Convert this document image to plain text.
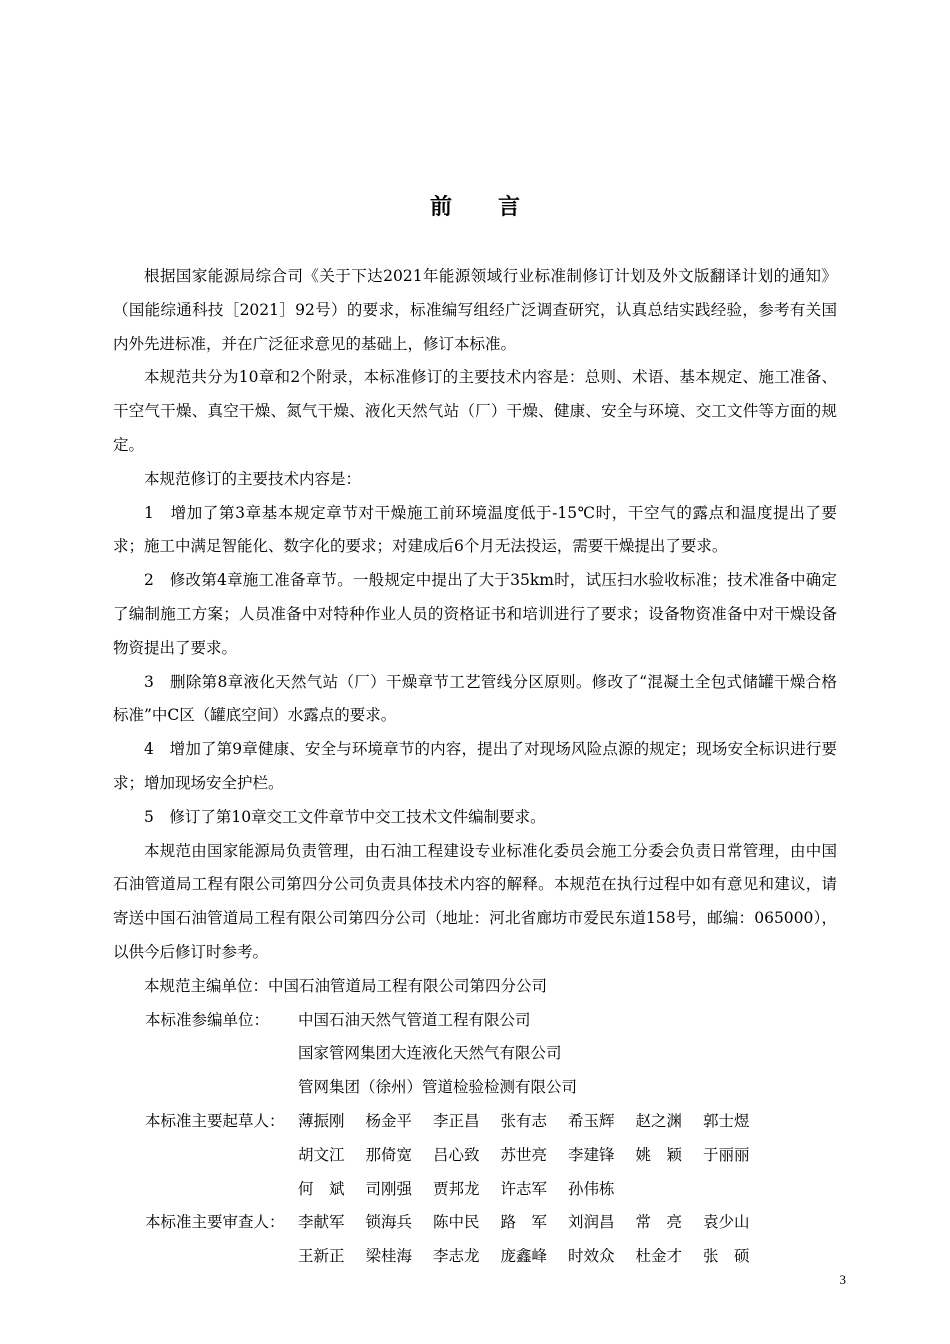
前 言

根据国家能源局综合司《关于下达2021年能源领域行业标准制修订计划及外文版翻译计划的通知》（国能综通科技［2021］92号）的要求，标准编写组经广泛调查研究，认真总结实践经验，参考有关国内外先进标准，并在广泛征求意见的基础上，修订本标准。

本规范共分为10章和2个附录，本标准修订的主要技术内容是：总则、术语、基本规定、施工准备、干空气干燥、真空干燥、氮气干燥、液化天然气站（厂）干燥、健康、安全与环境、交工文件等方面的规定。

本规范修订的主要技术内容是：

1　增加了第3章基本规定章节对干燥施工前环境温度低于-15℃时，干空气的露点和温度提出了要求；施工中满足智能化、数字化的要求；对建成后6个月无法投运，需要干燥提出了要求。

2　修改第4章施工准备章节。一般规定中提出了大于35km时，试压扫水验收标准；技术准备中确定了编制施工方案；人员准备中对特种作业人员的资格证书和培训进行了要求；设备物资准备中对干燥设备物资提出了要求。

3　删除第8章液化天然气站（厂）干燥章节工艺管线分区原则。修改了“混凝土全包式储罐干燥合格标准”中C区（罐底空间）水露点的要求。

4　增加了第9章健康、安全与环境章节的内容，提出了对现场风险点源的规定；现场安全标识进行要求；增加现场安全护栏。

5　修订了第10章交工文件章节中交工技术文件编制要求。

本规范由国家能源局负责管理，由石油工程建设专业标准化委员会施工分委会负责日常管理，由中国石油管道局工程有限公司第四分公司负责具体技术内容的解释。本规范在执行过程中如有意见和建议，请寄送中国石油管道局工程有限公司第四分公司（地址：河北省廊坊市爱民东道158号，邮编：065000），以供今后修订时参考。

本规范主编单位：中国石油管道局工程有限公司第四分公司

本标准参编单位：	中国石油天然气管道工程有限公司
国家管网集团大连液化天然气有限公司
管网集团（徐州）管道检验检测有限公司
本标准主要起草人： 薄振刚	杨金平	李正昌	张有志	希玉辉	赵之渊	郭士煜
胡文江	那倚宽	吕心致	苏世亮	李建锋	姚　颖	于丽丽
何　斌	司刚强	贾邦龙	许志军	孙伟栋
本标准主要审查人： 李献军	锁海兵	陈中民	路　军	刘润昌	常　亮	袁少山
王新正	梁桂海	李志龙	庞鑫峰	时效众	杜金才	张　硕
3
